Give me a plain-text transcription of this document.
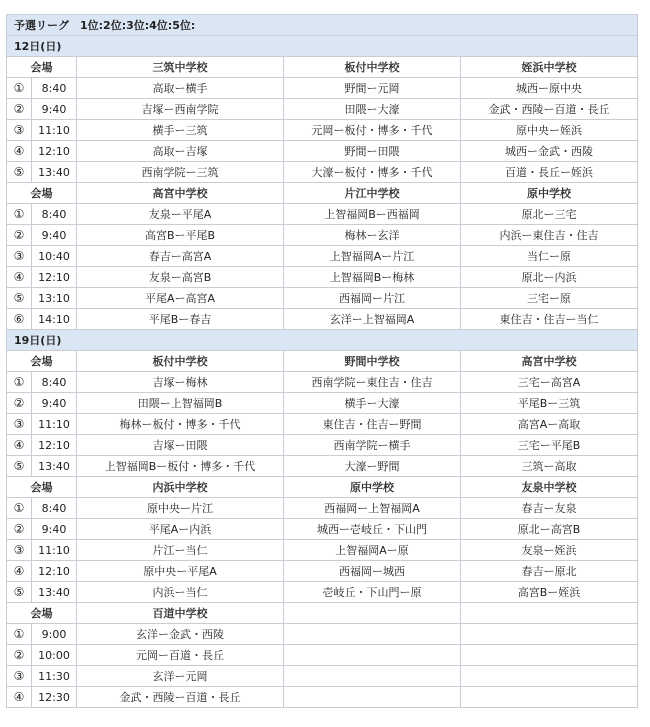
予選リーグ　1位:2位:3位:4位:5位:				
12日(日)				
会場		三筑中学校	板付中学校	姪浜中学校
①	8:40	高取ー横手	野間ー元岡	城西ー原中央
②	9:40	吉塚ー西南学院	田隈ー大濠	金武・西陵ー百道・長丘
③	11:10	横手ー三筑	元岡ー板付・博多・千代	原中央ー姪浜
④	12:10	高取ー吉塚	野間ー田隈	城西ー金武・西陵
⑤	13:40	西南学院ー三筑	大濠ー板付・博多・千代	百道・長丘ー姪浜
会場		高宮中学校	片江中学校	原中学校
①	8:40	友泉ー平尾A	上智福岡Bー西福岡	原北ー三宅
②	9:40	高宮Bー平尾B	梅林ー玄洋	内浜ー東住吉・住吉
③	10:40	春吉ー高宮A	上智福岡Aー片江	当仁ー原
④	12:10	友泉ー高宮B	上智福岡Bー梅林	原北ー内浜
⑤	13:10	平尾Aー高宮A	西福岡ー片江	三宅ー原
⑥	14:10	平尾Bー春吉	玄洋ー上智福岡A	東住吉・住吉ー当仁
19日(日)				
会場		板付中学校	野間中学校	高宮中学校
①	8:40	吉塚ー梅林	西南学院ー東住吉・住吉	三宅ー高宮A
②	9:40	田隈ー上智福岡B	横手ー大濠	平尾Bー三筑
③	11:10	梅林ー板付・博多・千代	東住吉・住吉ー野間	高宮Aー高取
④	12:10	吉塚ー田隈	西南学院ー横手	三宅ー平尾B
⑤	13:40	上智福岡Bー板付・博多・千代	大濠ー野間	三筑ー高取
会場		内浜中学校	原中学校	友泉中学校
①	8:40	原中央ー片江	西福岡ー上智福岡A	春吉ー友泉
②	9:40	平尾Aー内浜	城西ー壱岐丘・下山門	原北ー高宮B
③	11:10	片江ー当仁	上智福岡Aー原	友泉ー姪浜
④	12:10	原中央ー平尾A	西福岡ー城西	春吉ー原北
⑤	13:40	内浜ー当仁	壱岐丘・下山門ー原	高宮Bー姪浜
会場		百道中学校		
①	9:00	玄洋ー金武・西陵		
②	10:00	元岡ー百道・長丘		
③	11:30	玄洋ー元岡		
④	12:30	金武・西陵ー百道・長丘		
